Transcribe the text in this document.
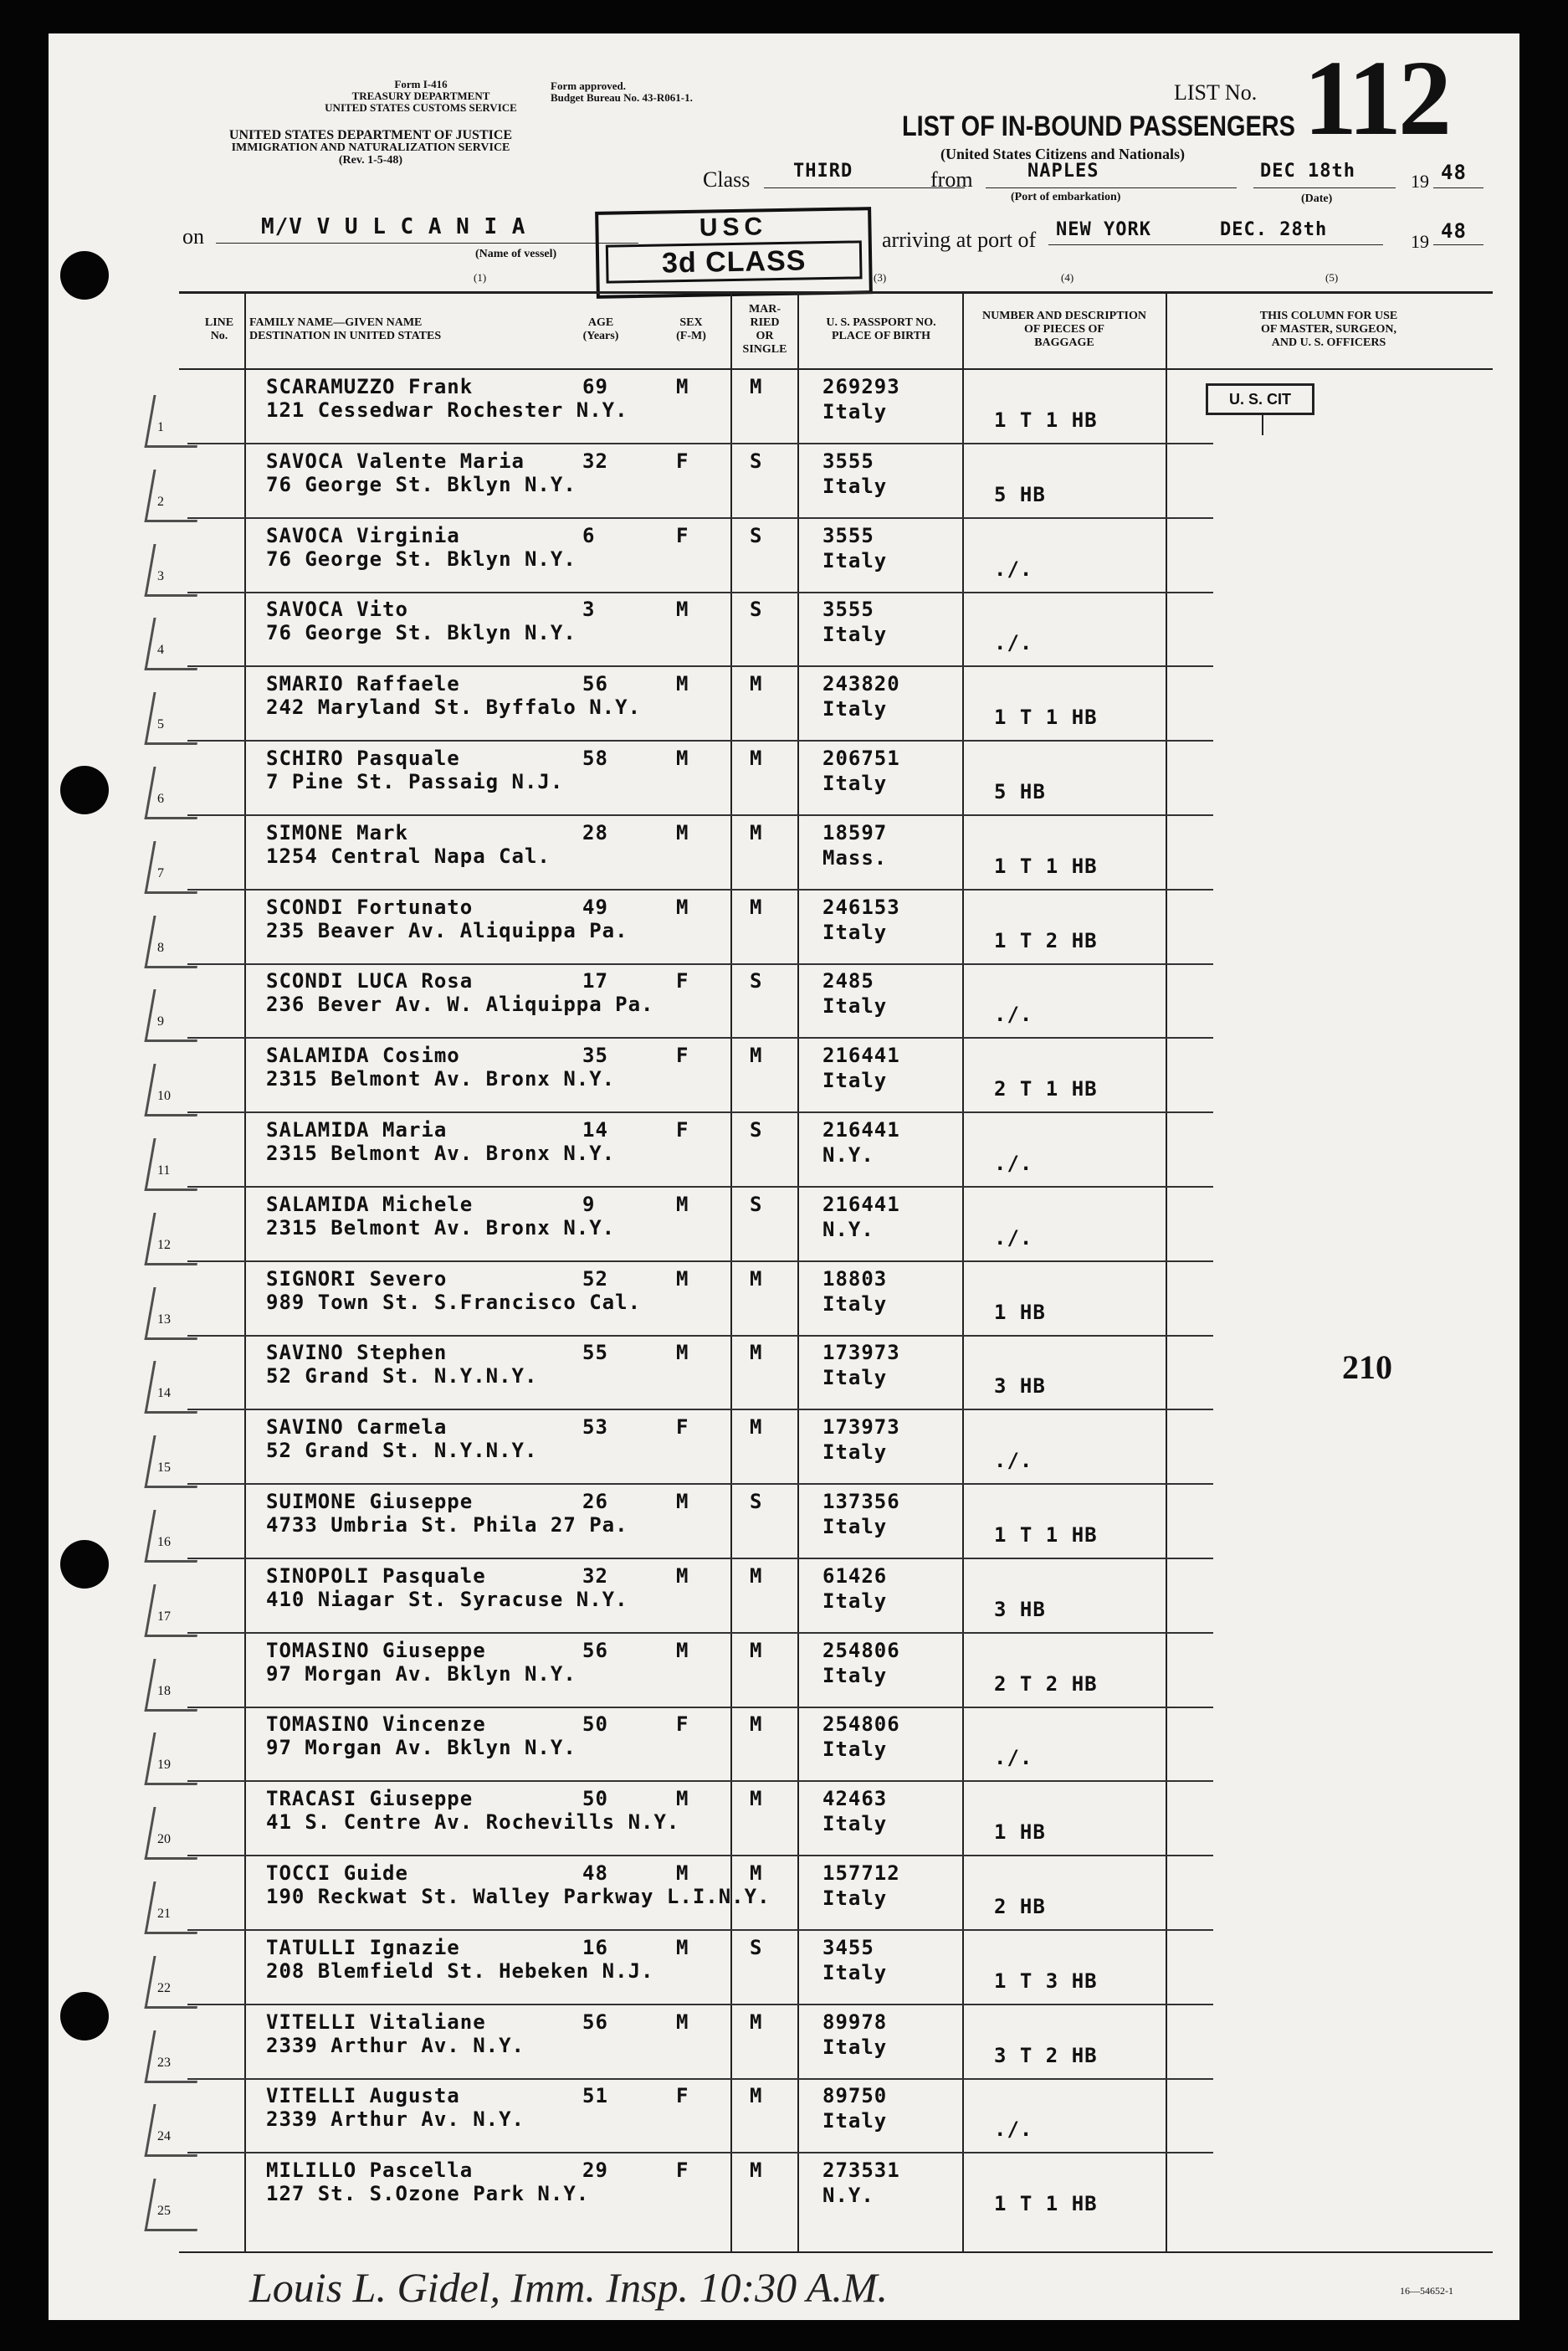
Form I-416
TREASURY DEPARTMENT
UNITED STATES CUSTOMS SERVICE
Form approved.
Budget Bureau No. 43-R061-1.
UNITED STATES DEPARTMENT OF JUSTICE
IMMIGRATION AND NATURALIZATION SERVICE
(Rev. 1-5-48)
LIST No. 112
LIST OF IN-BOUND PASSENGERS
(United States Citizens and Nationals)
Class THIRD	from	NAPLES
(Port of embarkation)
DEC 18th
(Date)
19 48
on	M/V V U L C A N I A
(Name of vessel)
USC
3d CLASS
arriving at port of NEW YORK	DEC. 28th
19 48
(1)	(3)	(4)	(5)
LINE
No.
FAMILY NAME—GIVEN NAME
DESTINATION IN UNITED STATES
AGE
(Years)
SEX
(F-M)
MAR-
RIED
OR
SINGLE
U. S. PASSPORT NO.
PLACE OF BIRTH
NUMBER AND DESCRIPTION
OF PIECES OF
BAGGAGE
THIS COLUMN FOR USE
OF MASTER, SURGEON,
AND U. S. OFFICERS
1
SCARAMUZZO Frank
121 Cessedwar Rochester N.Y.
69	M	M	269293
Italy	1 T 1 HB
2
SAVOCA Valente Maria
76 George St. Bklyn N.Y.
32	F	S	3555
Italy	5 HB
3
SAVOCA Virginia
76 George St. Bklyn N.Y.
6	F	S	3555
Italy	./.
4
SAVOCA Vito
76 George St. Bklyn N.Y.
3	M	S	3555
Italy	./.
5
SMARIO Raffaele
242 Maryland St. Byffalo N.Y.
56	M	M	243820
Italy	1 T 1 HB
6
SCHIRO Pasquale
7 Pine St. Passaig N.J.
58	M	M	206751
Italy	5 HB
7
SIMONE Mark
1254 Central Napa Cal.
28	M	M	18597
Mass.	1 T 1 HB
8
SCONDI Fortunato
235 Beaver Av. Aliquippa Pa.
49	M	M	246153
Italy	1 T 2 HB
9
SCONDI LUCA Rosa
236 Bever Av. W. Aliquippa Pa.
17	F	S	2485
Italy	./.
10
SALAMIDA Cosimo
2315 Belmont Av. Bronx N.Y.
35	F	M	216441
Italy	2 T 1 HB
11
SALAMIDA Maria
2315 Belmont Av. Bronx N.Y.
14	F	S	216441
N.Y.	./.
12
SALAMIDA Michele
2315 Belmont Av. Bronx N.Y.
9	M	S	216441
N.Y.	./.
13
SIGNORI Severo
989 Town St. S.Francisco Cal.
52	M	M	18803
Italy	1 HB
14
SAVINO Stephen
52 Grand St. N.Y.N.Y.
55	M	M	173973
Italy	3 HB
15
SAVINO Carmela
52 Grand St. N.Y.N.Y.
53	F	M	173973
Italy	./.
16
SUIMONE Giuseppe
4733 Umbria St. Phila 27 Pa.
26	M	S	137356
Italy	1 T 1 HB
17
SINOPOLI Pasquale
410 Niagar St. Syracuse N.Y.
32	M	M	61426
Italy	3 HB
18
TOMASINO Giuseppe
97 Morgan Av. Bklyn N.Y.
56	M	M	254806
Italy	2 T 2 HB
19
TOMASINO Vincenze
97 Morgan Av. Bklyn N.Y.
50	F	M	254806
Italy	./.
20
TRACASI Giuseppe
41 S. Centre Av. Rochevills N.Y.
50	M	M	42463
Italy	1 HB
21
TOCCI Guide
190 Reckwat St. Walley Parkway L.I.N.Y.
48	M	M	157712
Italy	2 HB
22
TATULLI Ignazie
208 Blemfield St. Hebeken N.J.
16	M	S	3455
Italy	1 T 3 HB
23
VITELLI Vitaliane
2339 Arthur Av. N.Y.
56	M	M	89978
Italy	3 T 2 HB
24
VITELLI Augusta
2339 Arthur Av. N.Y.
51	F	M	89750
Italy	./.
25
MILILLO Pascella
127 St. S.Ozone Park N.Y.
29	F	M	273531
N.Y.	1 T 1 HB
U. S. CIT
210
Louis L. Gidel, Imm. Insp. 10:30 A.M.	16—54652-1
